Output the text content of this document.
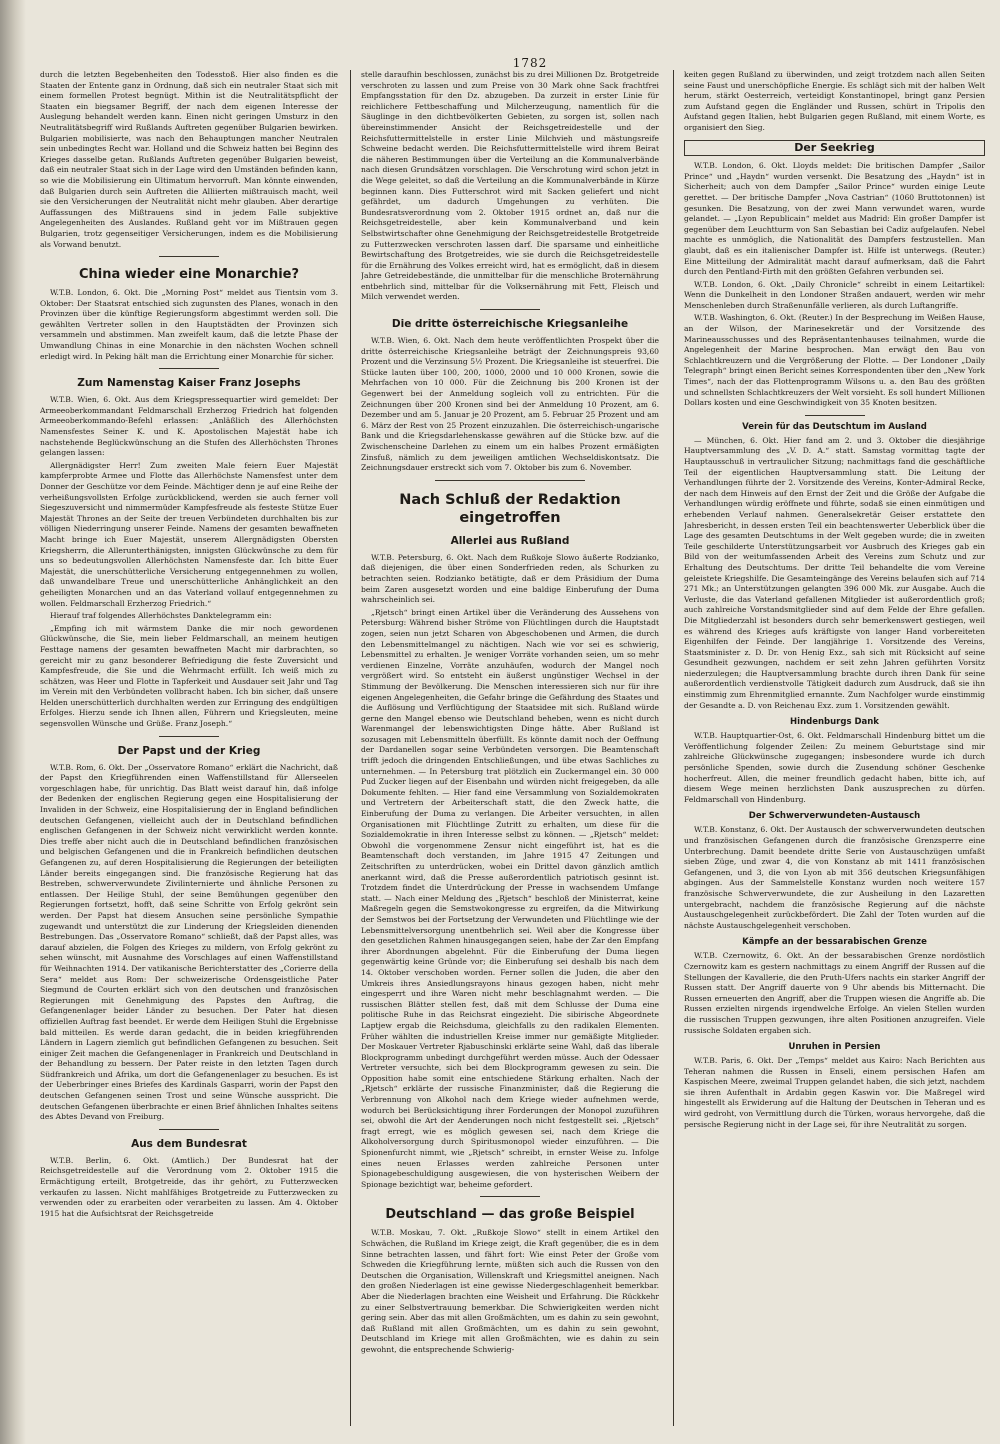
1782

durch die letzten Begebenheiten den Todesstoß. Hier also finden es die Staaten der Entente ganz in Ordnung, daß sich ein neutraler Staat sich mit einem formellen Protest begnügt. Mithin ist die Neutralitätspflicht der Staaten ein biegsamer Begriff, der nach dem eigenen Interesse der Auslegung behandelt werden kann. Einen nicht geringen Umsturz in den Neutralitätsbegriff wird Rußlands Auftreten gegenüber Bulgarien bewirken. Bulgarien mobilisierte, was nach den Behauptungen mancher Neutralen sein unbedingtes Recht war. Holland und die Schweiz hatten bei Beginn des Krieges dasselbe getan. Rußlands Auftreten gegenüber Bulgarien beweist, daß ein neutraler Staat sich in der Lage wird den Umständen befinden kann, so wie die Mobilisierung ein Ultimatum hervorruft. Man könnte einwenden, daß Bulgarien durch sein Auftreten die Alliierten mißtrauisch macht, weil sie den Versicherungen der Neutralität nicht mehr glauben. Aber derartige Auffassungen des Mißtrauens sind in jedem Falle subjektive Angelegenheiten des Auslandes. Rußland geht vor im Mißtrauen gegen Bulgarien, trotz gegenseitiger Versicherungen, indem es die Mobilisierung als Vorwand benutzt.

China wieder eine Monarchie?

W.T.B. London, 6. Okt. Die „Morning Post“ meldet aus Tientsin vom 3. Oktober: Der Staatsrat entschied sich zugunsten des Planes, wonach in den Provinzen über die künftige Regierungsform abgestimmt werden soll. Die gewählten Vertreter sollen in den Hauptstädten der Provinzen sich versammeln und abstimmen. Man zweifelt kaum, daß die letzte Phase der Umwandlung Chinas in eine Monarchie in den nächsten Wochen schnell erledigt wird. In Peking hält man die Errichtung einer Monarchie für sicher.

Zum Namenstag Kaiser Franz Josephs

W.T.B. Wien, 6. Okt. Aus dem Kriegspressequartier wird gemeldet: Der Armeeoberkommandant Feldmarschall Erzherzog Friedrich hat folgenden Armeeoberkommando-Befehl erlassen: „Anläßlich des Allerhöchsten Namensfestes Seiner K. und K. Apostolischen Majestät habe ich nachstehende Beglückwünschung an die Stufen des Allerhöchsten Thrones gelangen lassen:

Allergnädigster Herr! Zum zweiten Male feiern Euer Majestät kampferprobte Armee und Flotte das Allerhöchste Namensfest unter dem Donner der Geschütze vor dem Feinde. Mächtiger denn je auf eine Reihe der verheißungsvollsten Erfolge zurückblickend, werden sie auch ferner voll Siegeszuversicht und nimmermüder Kampfesfreude als festeste Stütze Euer Majestät Thrones an der Seite der treuen Verbündeten durchhalten bis zur völligen Niederringung unserer Feinde. Namens der gesamten bewaffneten Macht bringe ich Euer Majestät, unserem Allergnädigsten Obersten Kriegsherrn, die Allerunterthänigsten, innigsten Glückwünsche zu dem für uns so bedeutungsvollen Allerhöchsten Namensfeste dar. Ich bitte Euer Majestät, die unerschütterliche Versicherung entgegennehmen zu wollen, daß unwandelbare Treue und unerschütterliche Anhänglichkeit an den geheiligten Monarchen und an das Vaterland vollauf entgegennehmen zu wollen. Feldmarschall Erzherzog Friedrich.“

Hierauf traf folgendes Allerhöchstes Danktelegramm ein:

„Empfing ich mit wärmstem Danke die mir noch gewordenen Glückwünsche, die Sie, mein lieber Feldmarschall, an meinem heutigen Festtage namens der gesamten bewaffneten Macht mir darbrachten, so gereicht mir zu ganz besonderer Befriedigung die feste Zuversicht und Kampfesfreude, die Sie und die Wehrmacht erfüllt. Ich weiß mich zu schätzen, was Heer und Flotte in Tapferkeit und Ausdauer seit Jahr und Tag im Verein mit den Verbündeten vollbracht haben. Ich bin sicher, daß unsere Helden unerschütterlich durchhalten werden zur Erringung des endgültigen Erfolges. Hierzu sende ich Ihnen allen, Führern und Kriegsleuten, meine segensvollen Wünsche und Grüße. Franz Joseph.“

Der Papst und der Krieg

W.T.B. Rom, 6. Okt. Der „Osservatore Romano“ erklärt die Nachricht, daß der Papst den Kriegführenden einen Waffenstillstand für Allerseelen vorgeschlagen habe, für unrichtig. Das Blatt weist darauf hin, daß infolge der Bedenken der englischen Regierung gegen eine Hospitalisierung der Invaliden in der Schweiz, eine Hospitalisierung der in England befindlichen deutschen Gefangenen, vielleicht auch der in Deutschland befindlichen englischen Gefangenen in der Schweiz nicht verwirklicht werden konnte. Dies treffe aber nicht auch die in Deutschland befindlichen französischen und belgischen Gefangenen und die in Frankreich befindlichen deutschen Gefangenen zu, auf deren Hospitalisierung die Regierungen der beteiligten Länder bereits eingegangen sind. Die französische Regierung hat das Bestreben, schwerverwundete Zivilinternierte und ähnliche Personen zu entlassen. Der Heilige Stuhl, der seine Bemühungen gegenüber den Regierungen fortsetzt, hofft, daß seine Schritte von Erfolg gekrönt sein werden. Der Papst hat diesem Ansuchen seine persönliche Sympathie zugewandt und unterstützt die zur Linderung der Kriegsleiden dienenden Bestrebungen. Das „Osservatore Romano“ schließt, daß der Papst alles, was darauf abzielen, die Folgen des Krieges zu mildern, von Erfolg gekrönt zu sehen wünscht, mit Ausnahme des Vorschlages auf einen Waffenstillstand für Weihnachten 1914. Der vatikanische Berichterstatter des „Corierre della Sera“ meldet aus Rom: Der schweizerische Ordensgeistliche Pater Siegmund de Courten erklärt sich von den deutschen und französischen Regierungen mit Genehmigung des Papstes den Auftrag, die Gefangenenlager beider Länder zu besuchen. Der Pater hat diesen offiziellen Auftrag fast beendet. Er werde dem Heiligen Stuhl die Ergebnisse bald mitteilen. Es werde daran gedacht, die in beiden kriegführenden Ländern in Lagern ziemlich gut befindlichen Gefangenen zu besuchen. Seit einiger Zeit machen die Gefangenenlager in Frankreich und Deutschland in der Behandlung zu bessern. Der Pater reiste in den letzten Tagen durch Südfrankreich und Afrika, um dort die Gefangenenlager zu besuchen. Es ist der Ueberbringer eines Briefes des Kardinals Gasparri, worin der Papst den deutschen Gefangenen seinen Trost und seine Wünsche ausspricht. Die deutschen Gefangenen überbrachte er einen Brief ähnlichen Inhaltes seitens des Abtes Devand von Freiburg.

Aus dem Bundesrat

W.T.B. Berlin, 6. Okt. (Amtlich.) Der Bundesrat hat der Reichsgetreidestelle auf die Verordnung vom 2. Oktober 1915 die Ermächtigung erteilt, Brotgetreide, das ihr gehört, zu Futterzwecken verkaufen zu lassen. Nicht mahlfähiges Brotgetreide zu Futterzwecken zu verwenden oder zu erarbeiten oder verarbeiten zu lassen. Am 4. Oktober 1915 hat die Aufsichtsrat der Reichsgetreide

stelle daraufhin beschlossen, zunächst bis zu drei Millionen Dz. Brotgetreide verschroten zu lassen und zum Preise von 30 Mark ohne Sack frachtfrei Empfangsstation für den Dz. abzugeben. Da zurzeit in erster Linie für reichlichere Fettbeschaffung und Milcherzeugung, namentlich für die Säuglinge in den dichtbevölkerten Gebieten, zu sorgen ist, sollen nach übereinstimmender Ansicht der Reichsgetreidestelle und der Reichsfuttermittelstelle in erster Linie Milchvieh und mästungsreife Schweine bedacht werden. Die Reichsfuttermittelstelle wird ihrem Beirat die näheren Bestimmungen über die Verteilung an die Kommunalverbände nach diesen Grundsätzen vorschlagen. Die Verschrotung wird schon jetzt in die Wege geleitet, so daß die Verteilung an die Kommunalverbände in Kürze beginnen kann. Dies Futterschrot wird mit Sacken geliefert und nicht gefährdet, um dadurch Umgehungen zu verhüten. Die Bundesratsverordnung vom 2. Oktober 1915 ordnet an, daß nur die Reichsgetreidestelle, aber kein Kommunalverband und kein Selbstwirtschafter ohne Genehmigung der Reichsgetreidestelle Brotgetreide zu Futterzwecken verschroten lassen darf. Die sparsame und einheitliche Bewirtschaftung des Brotgetreides, wie sie durch die Reichsgetreidestelle für die Ernährung des Volkes erreicht wird, hat es ermöglicht, daß in diesem Jahre Getreidebestände, die unmittelbar für die menschliche Broternährung entbehrlich sind, mittelbar für die Volksernährung mit Fett, Fleisch und Milch verwendet werden.

Die dritte österreichische Kriegsanleihe

W.T.B. Wien, 6. Okt. Nach dem heute veröffentlichten Prospekt über die dritte österreichische Kriegsanleihe beträgt der Zeichnungspreis 93,60 Prozent und die Verzinsung 5½ Prozent. Die Kriegsanleihe ist steuerfrei. Die Stücke lauten über 100, 200, 1000, 2000 und 10 000 Kronen, sowie die Mehrfachen von 10 000. Für die Zeichnung bis 200 Kronen ist der Gegenwert bei der Anmeldung sogleich voll zu entrichten. Für die Zeichnungen über 200 Kronen sind bei der Anmeldung 10 Prozent, am 6. Dezember und am 5. Januar je 20 Prozent, am 5. Februar 25 Prozent und am 6. März der Rest von 25 Prozent einzuzahlen. Die österreichisch-ungarische Bank und die Kriegsdarlehenskasse gewähren auf die Stücke bzw. auf die Zwischenscheine Darlehen zu einem um ein halbes Prozent ermäßigten Zinsfuß, nämlich zu dem jeweiligen amtlichen Wechseldiskontsatz. Die Zeichnungsdauer erstreckt sich vom 7. Oktober bis zum 6. November.

Nach Schluß der Redaktion eingetroffen
Allerlei aus Rußland

W.T.B. Petersburg, 6. Okt. Nach dem Rußkoje Slowo äußerte Rodzianko, daß diejenigen, die über einen Sonderfrieden reden, als Schurken zu betrachten seien. Rodzianko betätigte, daß er dem Präsidium der Duma beim Zaren ausgesetzt worden und eine baldige Einberufung der Duma wahrscheinlich sei.

„Rjetsch“ bringt einen Artikel über die Veränderung des Aussehens von Petersburg: Während bisher Ströme von Flüchtlingen durch die Hauptstadt zogen, seien nun jetzt Scharen von Abgeschobenen und Armen, die durch den Lebensmittelmangel zu nächtigen. Nach wie vor sei es schwierig, Lebensmittel zu erhalten. Je weniger Vorräte vorhanden seien, um so mehr verdienen Einzelne, Vorräte anzuhäufen, wodurch der Mangel noch vergrößert wird. So entsteht ein äußerst ungünstiger Wechsel in der Stimmung der Bevölkerung. Die Menschen interessieren sich nur für ihre eigenen Angelegenheiten, die Gefahr bringe die Gefährdung des Staates und die Auflösung und Verflüchtigung der Staatsidee mit sich. Rußland würde gerne den Mangel ebenso wie Deutschland beheben, wenn es nicht durch Warenmangel der lebenswichtigsten Dinge hätte. Aber Rußland ist sozusagen mit Lebensmitteln überfüllt. Es könnte damit noch der Oeffnung der Dardanellen sogar seine Verbündeten versorgen. Die Beamtenschaft trifft jedoch die dringenden Entschließungen, und übe etwas Sachliches zu unternehmen. — In Petersburg trat plötzlich ein Zuckermangel ein. 30 000 Pud Zucker liegen auf der Eisenbahn und würden nicht freigegeben, da alle Dokumente fehlten. — Hier fand eine Versammlung von Sozialdemokraten und Vertretern der Arbeiterschaft statt, die den Zweck hatte, die Einberufung der Duma zu verlangen. Die Arbeiter versuchten, in allen Organisationen mit Flüchtlinge Zutritt zu erhalten, um diese für die Sozialdemokratie in ihren Interesse selbst zu können. — „Rjetsch“ meldet: Obwohl die vorgenommene Zensur nicht eingeführt ist, hat es die Beamtenschaft doch verstanden, im Jahre 1915 47 Zeitungen und Zeitschriften zu unterdrücken, wobei ein Drittel davon gänzlich amtlich anerkannt wird, daß die Presse außerordentlich patriotisch gesinnt ist. Trotzdem findet die Unterdrückung der Presse in wachsendem Umfange statt. — Nach einer Meldung des „Rjetsch“ beschloß der Ministerrat, keine Maßregeln gegen die Semstwokongresse zu ergreifen, da die Mitwirkung der Semstwos bei der Fortsetzung der Verwundeten und Flüchtlinge wie der Lebensmittelversorgung unentbehrlich sei. Weil aber die Kongresse über den gesetzlichen Rahmen hinausgegangen seien, habe der Zar den Empfang ihrer Abordnungen abgelehnt. Für die Einberufung der Duma liegen gegenwärtig keine Gründe vor; die Einberufung sei deshalb bis nach dem 14. Oktober verschoben worden. Ferner sollen die Juden, die aber den Umkreis ihres Ansiedlungsrayons hinaus gezogen haben, nicht mehr eingesperrt und ihre Waren nicht mehr beschlagnahmt werden. — Die russischen Blätter stellen fest, daß mit dem Schlusse der Duma eine politische Ruhe in das Reichsrat eingezieht. Die sibirische Abgeordnete Laptjew ergab die Reichsduma, gleichfalls zu den radikalen Elementen. Früher wählten die industriellen Kreise immer nur gemäßigte Mitglieder. Der Moskauer Vertreter Rjabuschinski erklärte seine Wahl, daß das liberale Blockprogramm unbedingt durchgeführt werden müsse. Auch der Odessaer Vertreter versuchte, sich bei dem Blockprogramm gewesen zu sein. Die Opposition habe somit eine entschiedene Stärkung erhalten. Nach der „Rjetsch“ erklärte der russische Finanzminister, daß die Regierung die Verbrennung von Alkohol nach dem Kriege wieder aufnehmen werde, wodurch bei Berücksichtigung ihrer Forderungen der Monopol zuzuführen sei, obwohl die Art der Aenderungen noch nicht festgestellt sei. „Rjetsch“ fragt erregt, wie es möglich gewesen sei, nach dem Kriege die Alkoholversorgung durch Spiritusmonopol wieder einzuführen. — Die Spionenfurcht nimmt, wie „Rjetsch“ schreibt, in ernster Weise zu. Infolge eines neuen Erlasses werden zahlreiche Personen unter Spionagebeschuldigung ausgewiesen, die von hysterischen Weibern der Spionage bezichtigt war, beheime gefordert.

Deutschland — das große Beispiel

W.T.B. Moskau, 7. Okt. „Rußkoje Slowo“ stellt in einem Artikel den Schwächen, die Rußland im Kriege zeigt, die Kraft gegenüber, die es in dem Sinne betrachten lassen, und fährt fort: Wie einst Peter der Große vom Schweden die Kriegführung lernte, müßten sich auch die Russen von den Deutschen die Organisation, Willenskraft und Kriegsmittel aneignen. Nach den großen Niederlagen ist eine gewisse Niedergeschlagenheit bemerkbar. Aber die Niederlagen brachten eine Weisheit und Erfahrung. Die Rückkehr zu einer Selbstvertrauung bemerkbar. Die Schwierigkeiten werden nicht gering sein. Aber das mit allen Großmächten, um es dahin zu sein gewohnt, daß Rußland mit allen Großmächten, um es dahin zu sein gewohnt, Deutschland im Kriege mit allen Großmächten, wie es dahin zu sein gewohnt, die entsprechende Schwierig-

keiten gegen Rußland zu überwinden, und zeigt trotzdem nach allen Seiten seine Faust und unerschöpfliche Energie. Es schlägt sich mit der halben Welt herum, stärkt Oesterreich, verteidigt Konstantinopel, bringt ganz Persien zum Aufstand gegen die Engländer und Russen, schürt in Tripolis den Aufstand gegen Italien, hebt Bulgarien gegen Rußland, mit einem Worte, es organisiert den Sieg.

Der Seekrieg

W.T.B. London, 6. Okt. Lloyds meldet: Die britischen Dampfer „Sailor Prince“ und „Haydn“ wurden versenkt. Die Besatzung des „Haydn“ ist in Sicherheit; auch von dem Dampfer „Sailor Prince“ wurden einige Leute gerettet. — Der britische Dampfer „Nova Castrian“ (1060 Bruttotonnen) ist gesunken. Die Besatzung, von der zwei Mann verwundet waren, wurde gelandet. — „Lyon Republicain“ meldet aus Madrid: Ein großer Dampfer ist gegenüber dem Leuchtturm von San Sebastian bei Cadiz aufgelaufen. Nebel machte es unmöglich, die Nationalität des Dampfers festzustellen. Man glaubt, daß es ein italienischer Dampfer ist. Hilfe ist unterwegs. (Reuter.) Eine Mitteilung der Admiralität macht darauf aufmerksam, daß die Fahrt durch den Pentland-Firth mit den größten Gefahren verbunden sei.

W.T.B. London, 6. Okt. „Daily Chronicle“ schreibt in einem Leitartikel: Wenn die Dunkelheit in den Londoner Straßen andauert, werden wir mehr Menschenleben durch Straßenunfälle verlieren, als durch Luftangriffe.

W.T.B. Washington, 6. Okt. (Reuter.) In der Besprechung im Weißen Hause, an der Wilson, der Marinesekretär und der Vorsitzende des Marineausschusses und des Repräsentantenhauses teilnahmen, wurde die Angelegenheit der Marine besprochen. Man erwägt den Bau von Schlachtkreuzern und die Vergrößerung der Flotte. — Der Londoner „Daily Telegraph“ bringt einen Bericht seines Korrespondenten über den „New York Times“, nach der das Flottenprogramm Wilsons u. a. den Bau des größten und schnellsten Schlachtkreuzers der Welt vorsieht. Es soll hundert Millionen Dollars kosten und eine Geschwindigkeit von 35 Knoten besitzen.

Verein für das Deutschtum im Ausland

— München, 6. Okt. Hier fand am 2. und 3. Oktober die diesjährige Hauptversammlung des „V. D. A.“ statt. Samstag vormittag tagte der Hauptausschuß in vertraulicher Sitzung; nachmittags fand die geschäftliche Teil der eigentlichen Hauptversammlung statt. Die Leitung der Verhandlungen führte der 2. Vorsitzende des Vereins, Konter-Admiral Recke, der nach dem Hinweis auf den Ernst der Zeit und die Größe der Aufgabe die Verhandlungen würdig eröffnete und führte, sodaß sie einen einmütigen und erhebenden Verlauf nahmen. Generalsekretär Geiser erstattete den Jahresbericht, in dessen ersten Teil ein beachtenswerter Ueberblick über die Lage des gesamten Deutschtums in der Welt gegeben wurde; die in zweiten Teile geschilderte Unterstützungsarbeit vor Ausbruch des Krieges gab ein Bild von der weitumfassenden Arbeit des Vereins zum Schutz und zur Erhaltung des Deutschtums. Der dritte Teil behandelte die vom Vereine geleistete Kriegshilfe. Die Gesamteingänge des Vereins belaufen sich auf 714 271 Mk.; an Unterstützungen gelangten 396 000 Mk. zur Ausgabe. Auch die Verluste, die das Vaterland gefallenen Mitglieder ist außerordentlich groß; auch zahlreiche Vorstandsmitglieder sind auf dem Felde der Ehre gefallen. Die Mitgliederzahl ist besonders durch sehr bemerkenswert gestiegen, weil es während des Krieges aufs kräftigste von langer Hand vorbereiteten Eigenhilfen der Feinde. Der langjährige 1. Vorsitzende des Vereins, Staatsminister z. D. Dr. von Henig Exz., sah sich mit Rücksicht auf seine Gesundheit gezwungen, nachdem er seit zehn Jahren geführten Vorsitz niederzulegen; die Hauptversammlung brachte durch ihren Dank für seine außerordentlich verdienstvolle Tätigkeit dadurch zum Ausdruck, daß sie ihn einstimmig zum Ehrenmitglied ernannte. Zum Nachfolger wurde einstimmig der Gesandte a. D. von Reichenau Exz. zum 1. Vorsitzenden gewählt.

Hindenburgs Dank

W.T.B. Hauptquartier-Ost, 6. Okt. Feldmarschall Hindenburg bittet um die Veröffentlichung folgender Zeilen: Zu meinem Geburtstage sind mir zahlreiche Glückwünsche zugegangen; insbesondere wurde ich durch persönliche Spenden, sowie durch die Zusendung schöner Geschenke hocherfreut. Allen, die meiner freundlich gedacht haben, bitte ich, auf diesem Wege meinen herzlichsten Dank auszusprechen zu dürfen. Feldmarschall von Hindenburg.

Der Schwerverwundeten-Austausch

W.T.B. Konstanz, 6. Okt. Der Austausch der schwerverwundeten deutschen und französischen Gefangenen durch die französische Grenzsperre eine Unterbrechung. Damit beendete dritte Serie von Austauschzügen umfaßt sieben Züge, und zwar 4, die von Konstanz ab mit 1411 französischen Gefangenen, und 3, die von Lyon ab mit 356 deutschen Kriegsunfähigen abgingen. Aus der Sammelstelle Konstanz wurden noch weitere 157 französische Schwerverwundete, die zur Ausheilung in den Lazaretten untergebracht, nachdem die französische Regierung auf die nächste Austauschgelegenheit zurückbefördert. Die Zahl der Toten wurden auf die nächste Austauschgelegenheit verschoben.

Kämpfe an der bessarabischen Grenze

W.T.B. Czernowitz, 6. Okt. An der bessarabischen Grenze nordöstlich Czernowitz kam es gestern nachmittags zu einem Angriff der Russen auf die Stellungen der Kavallerie, die den Pruth-Ufers nachts ein starker Angriff der Russen statt. Der Angriff dauerte von 9 Uhr abends bis Mitternacht. Die Russen erneuerten den Angriff, aber die Truppen wiesen die Angriffe ab. Die Russen erzielten nirgends irgendwelche Erfolge. An vielen Stellen wurden die russischen Truppen gezwungen, ihre alten Positionen anzugreifen. Viele russische Soldaten ergaben sich.

Unruhen in Persien

W.T.B. Paris, 6. Okt. Der „Temps“ meldet aus Kairo: Nach Berichten aus Teheran nahmen die Russen in Enseli, einem persischen Hafen am Kaspischen Meere, zweimal Truppen gelandet haben, die sich jetzt, nachdem sie ihren Aufenthalt in Ardabin gegen Kaswin vor. Die Maßregel wird hingestellt als Erwiderung auf die Haltung der Deutschen in Teheran und es wird gedroht, von Vermittlung durch die Türken, woraus hervorgehe, daß die persische Regierung nicht in der Lage sei, für ihre Neutralität zu sorgen.
